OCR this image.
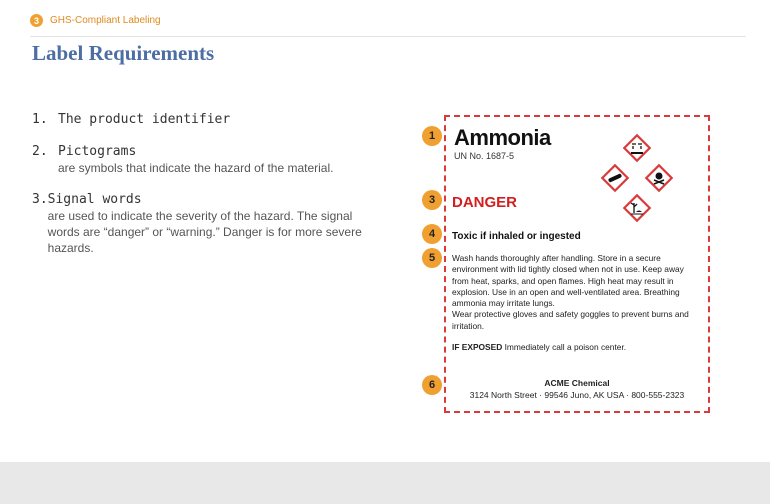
3	GHS-Compliant Labeling
Label Requirements
1. The product identifier
2. Pictograms
are symbols that indicate the hazard of the material.
3. Signal words
are used to indicate the severity of the hazard. The signal words are “danger” or “warning.” Danger is for more severe hazards.
1
3
4
5
6
Ammonia
UN No. 1687-5
DANGER
Toxic if inhaled or ingested

Wash hands thoroughly after handling. Store in a secure environment with lid tightly closed when not in use. Keep away from heat, sparks, and open flames. High heat may result in explosion. Use in an open and well-ventilated area. Breathing ammonia may irritate lungs.

Wear protective gloves and safety goggles to prevent burns and irritation.

IF EXPOSED Immediately call a poison center.

ACME Chemical
3124 North Street · 99546 Juno, AK USA · 800-555-2323
